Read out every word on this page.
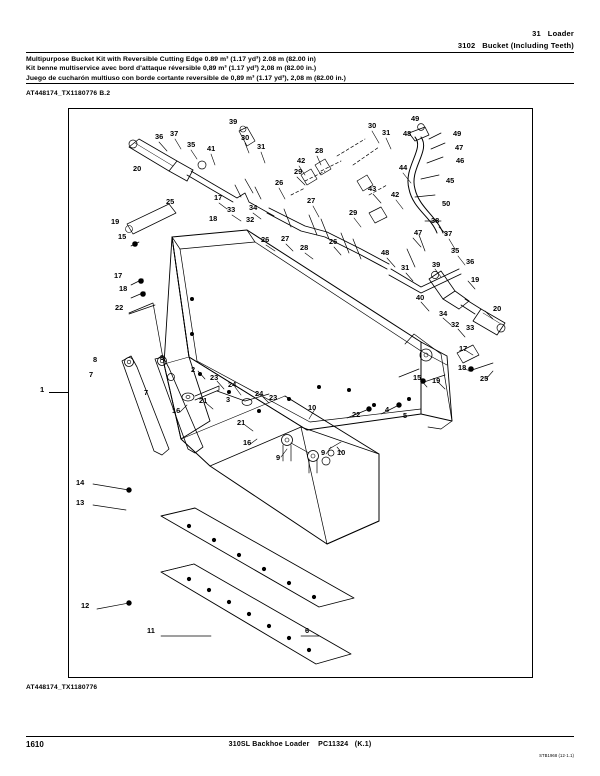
31 Loader
3102 Bucket (Including Teeth)
Multipurpose Bucket Kit with Reversible Cutting Edge 0.89 m³ (1.17 yd³) 2.08 m (82.00 in)
Kit benne multiservice avec bord d'attaque réversible 0,89 m³ (1.17 yd³) 2,08 m (82.00 in.)
Juego de cucharón multiuso con borde cortante reversible de 0,89 m³ (1.17 yd³), 2,08 m (82.00 in.)
AT448174_TX1180776 B.2
1
36 37
39
35 41
30
31
30
31
49
48	49
47
46
20
28
42
29	44
45
17
26
43
42
50
25
33 34
27
29
38
19	18	32
47	37
15	26 27
28
26
48	35
36
31	39
17	19
18
40
20
22
34
32 33
8	8
17
7
2
23
18
15 19	25
24
3
7
21
24 23
16	10
22
4
5
21
16
9
9 10
14
13
12
11	6
AT448174_TX1180776
1610	310SL Backhoe Loader PC11324 (K.1)
STB1968 (12·1.1)
